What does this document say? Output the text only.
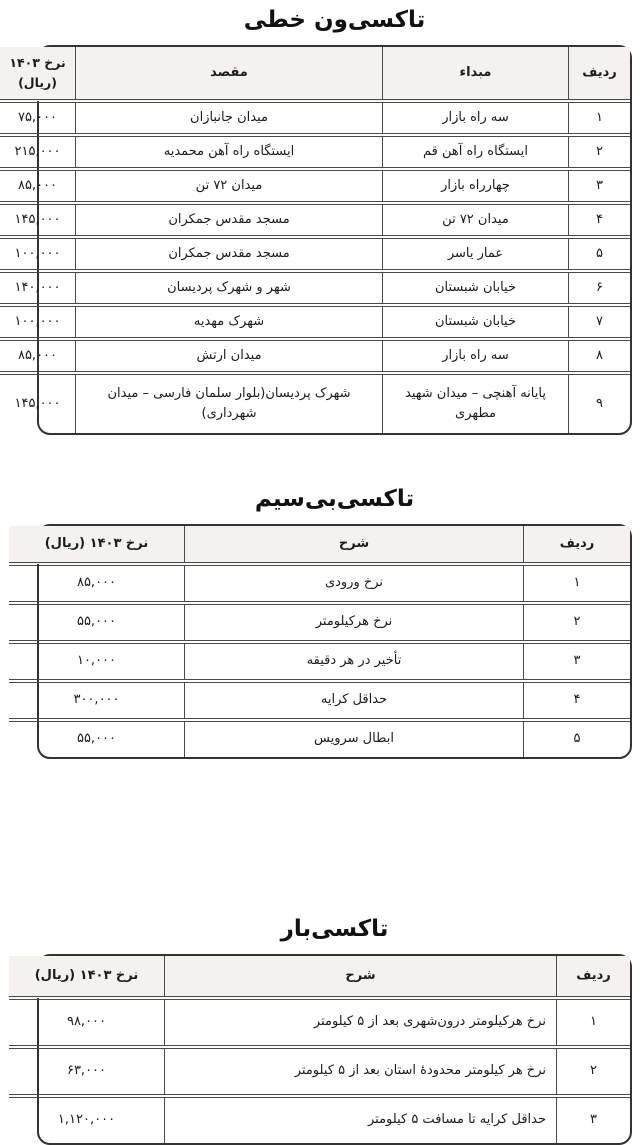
تاکسی‌ون خطی
ردیف	مبداء	مقصد	نرخ ۱۴۰۳ (ریال)
۱	سه راه بازار	میدان جانبازان	۷۵,۰۰۰
۲	ایستگاه راه آهن قم	ایستگاه راه آهن محمدیه	۲۱۵,۰۰۰
۳	چهارراه بازار	میدان ۷۲ تن	۸۵,۰۰۰
۴	میدان ۷۲ تن	مسجد مقدس جمکران	۱۴۵,۰۰۰
۵	عمار یاسر	مسجد مقدس جمکران	۱۰۰,۰۰۰
۶	خیابان شبستان	شهر و شهرک پردیسان	۱۴۰,۰۰۰
۷	خیابان شبستان	شهرک مهدیه	۱۰۰,۰۰۰
۸	سه راه بازار	میدان ارتش	۸۵,۰۰۰
۹	پایانه آهنچی – میدان شهید مطهری	شهرک پردیسان(بلوار سلمان فارسی – میدان شهرداری)	۱۴۵,۰۰۰
تاکسی‌بی‌سیم
ردیف	شرح	نرخ ۱۴۰۳ (ریال)
۱	نرخ ورودی	۸۵,۰۰۰
۲	نرخ هرکیلومتر	۵۵,۰۰۰
۳	تأخیر در هر دقیقه	۱۰,۰۰۰
۴	حداقل کرایه	۳۰۰,۰۰۰
۵	ابطال سرویس	۵۵,۰۰۰
تاکسی‌بار
ردیف	شرح	نرخ ۱۴۰۳ (ریال)
۱	نرخ هرکیلومتر درون‌شهری بعد از ۵ کیلومتر	۹۸,۰۰۰
۲	نرخ هر کیلومتر محدودهٔ استان بعد از ۵ کیلومتر	۶۳,۰۰۰
۳	حداقل کرایه تا مسافت ۵ کیلومتر	۱,۱۲۰,۰۰۰
